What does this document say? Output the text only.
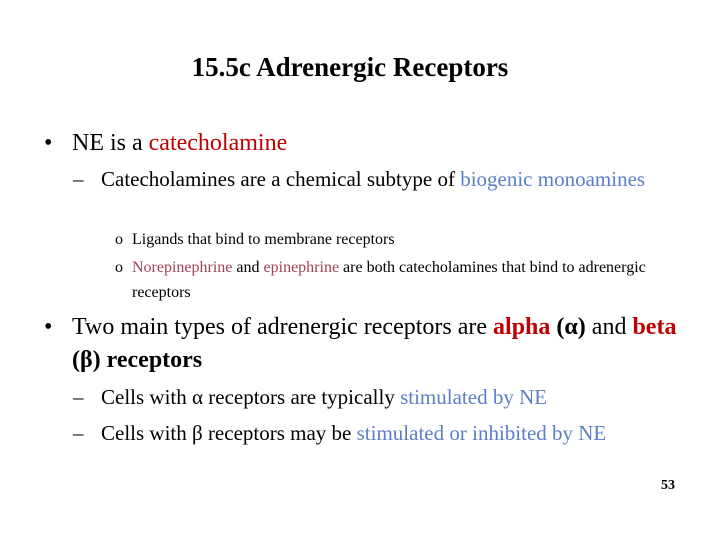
15.5c Adrenergic Receptors
• NE is a catecholamine
– Catecholamines are a chemical subtype of biogenic monoamines
o Ligands that bind to membrane receptors
o Norepinephrine and epinephrine are both catecholamines that bind to adrenergic receptors
• Two main types of adrenergic receptors are alpha (α) and beta (β) receptors
– Cells with α receptors are typically stimulated by NE
– Cells with β receptors may be stimulated or inhibited by NE
53
